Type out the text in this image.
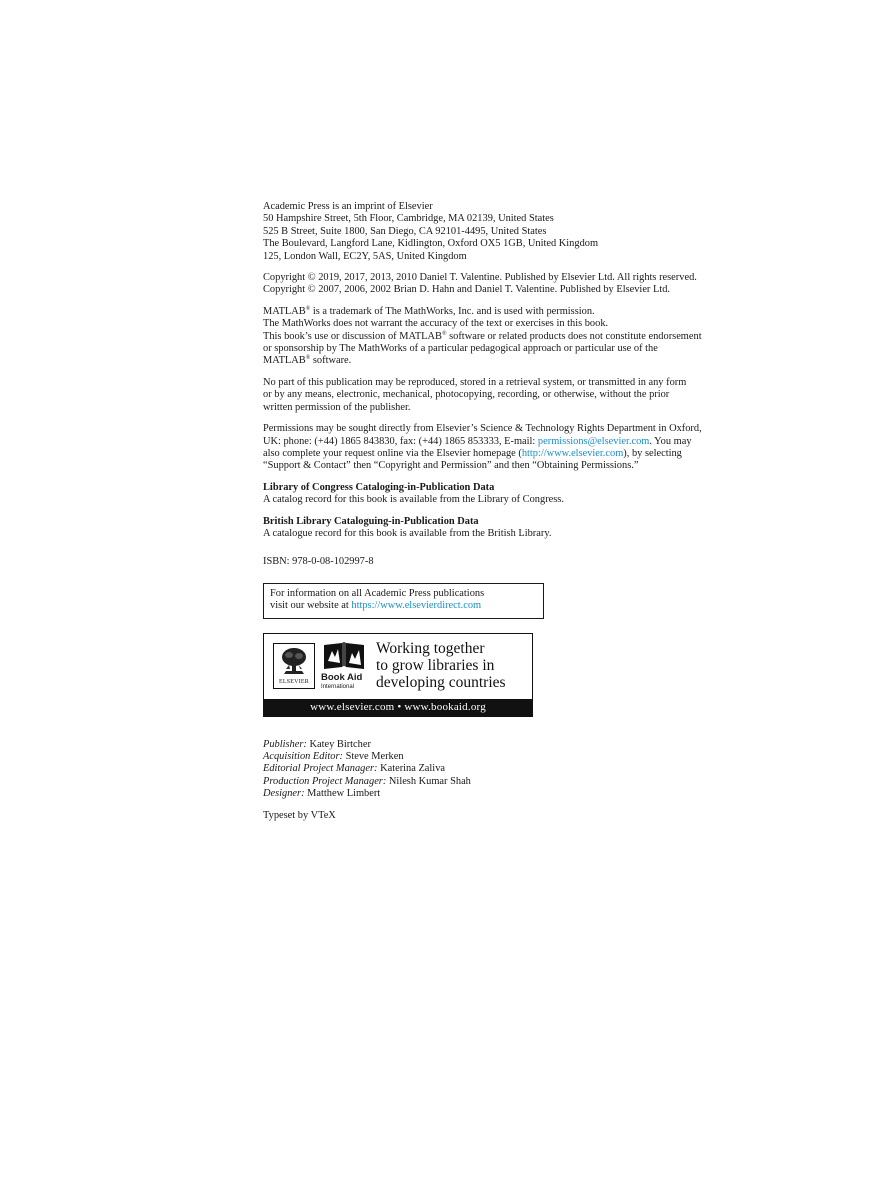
Academic Press is an imprint of Elsevier
50 Hampshire Street, 5th Floor, Cambridge, MA 02139, United States
525 B Street, Suite 1800, San Diego, CA 92101-4495, United States
The Boulevard, Langford Lane, Kidlington, Oxford OX5 1GB, United Kingdom
125, London Wall, EC2Y, 5AS, United Kingdom
Copyright © 2019, 2017, 2013, 2010 Daniel T. Valentine. Published by Elsevier Ltd. All rights reserved.
Copyright © 2007, 2006, 2002 Brian D. Hahn and Daniel T. Valentine. Published by Elsevier Ltd.
MATLAB® is a trademark of The MathWorks, Inc. and is used with permission.
The MathWorks does not warrant the accuracy of the text or exercises in this book.
This book’s use or discussion of MATLAB® software or related products does not constitute endorsement
or sponsorship by The MathWorks of a particular pedagogical approach or particular use of the
MATLAB® software.
No part of this publication may be reproduced, stored in a retrieval system, or transmitted in any form
or by any means, electronic, mechanical, photocopying, recording, or otherwise, without the prior
written permission of the publisher.
Permissions may be sought directly from Elsevier’s Science & Technology Rights Department in Oxford,
UK: phone: (+44) 1865 843830, fax: (+44) 1865 853333, E-mail: permissions@elsevier.com. You may
also complete your request online via the Elsevier homepage (http://www.elsevier.com), by selecting
“Support & Contact” then “Copyright and Permission” and then “Obtaining Permissions.”
Library of Congress Cataloging-in-Publication Data
A catalog record for this book is available from the Library of Congress.
British Library Cataloguing-in-Publication Data
A catalogue record for this book is available from the British Library.
ISBN: 978-0-08-102997-8
For information on all Academic Press publications
visit our website at https://www.elsevierdirect.com
ELSEVIER	Book Aid
International
Working together
to grow libraries in
developing countries
www.elsevier.com • www.bookaid.org
Publisher: Katey Birtcher
Acquisition Editor: Steve Merken
Editorial Project Manager: Katerina Zaliva
Production Project Manager: Nilesh Kumar Shah
Designer: Matthew Limbert
Typeset by VTeX
